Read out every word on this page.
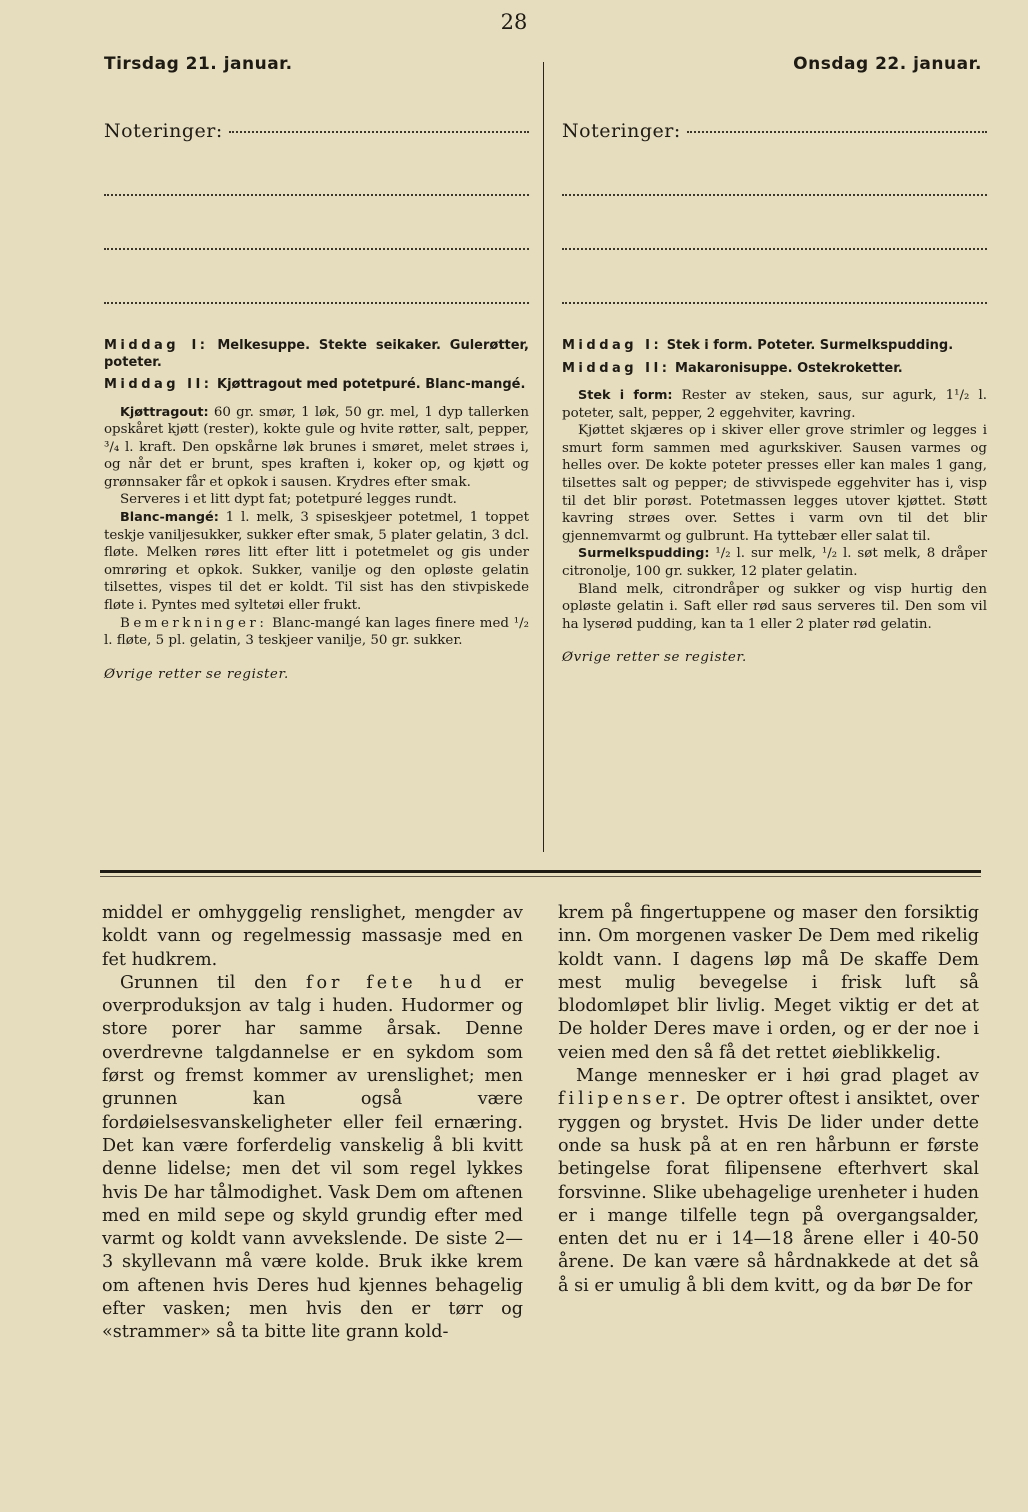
28
Tirsdag 21. januar.	Onsdag 22. januar.
Noteringer:	Noteringer:

Middag I: Melkesuppe. Stekte seikaker. Gulerøtter, poteter.

Middag II: Kjøttragout med potetpuré. Blanc-mangé.

Kjøttragout: 60 gr. smør, 1 løk, 50 gr. mel, 1 dyp tallerken opskåret kjøtt (rester), kokte gule og hvite røtter, salt, pepper, ³/₄ l. kraft. Den opskårne løk brunes i smøret, melet strøes i, og når det er brunt, spes kraften i, koker op, og kjøtt og grønnsaker får et opkok i sausen. Krydres efter smak.

Serveres i et litt dypt fat; potetpuré legges rundt.

Blanc-mangé: 1 l. melk, 3 spiseskjeer potetmel, 1 toppet teskje vaniljesukker, sukker efter smak, 5 plater gelatin, 3 dcl. fløte. Melken røres litt efter litt i potetmelet og gis under omrøring et opkok. Sukker, vanilje og den opløste gelatin tilsettes, vispes til det er koldt. Til sist has den stivpiskede fløte i. Pyntes med syltetøi eller frukt.

Bemerkninger: Blanc-mangé kan lages finere med ¹/₂ l. fløte, 5 pl. gelatin, 3 teskjeer vanilje, 50 gr. sukker.

Øvrige retter se register.

Middag I: Stek i form. Poteter. Surmelkspudding.

Middag II: Makaronisuppe. Ostekroketter.

Stek i form: Rester av steken, saus, sur agurk, 1¹/₂ l. poteter, salt, pepper, 2 eggehviter, kavring.

Kjøttet skjæres op i skiver eller grove strimler og legges i smurt form sammen med agurkskiver. Sausen varmes og helles over. De kokte poteter presses eller kan males 1 gang, tilsettes salt og pepper; de stivvispede eggehviter has i, visp til det blir porøst. Potetmassen legges utover kjøttet. Støtt kavring strøes over. Settes i varm ovn til det blir gjennemvarmt og gulbrunt. Ha tyttebær eller salat til.

Surmelkspudding: ¹/₂ l. sur melk, ¹/₂ l. søt melk, 8 dråper citronolje, 100 gr. sukker, 12 plater gelatin.

Bland melk, citrondråper og sukker og visp hurtig den opløste gelatin i. Saft eller rød saus serveres til. Den som vil ha lyserød pudding, kan ta 1 eller 2 plater rød gelatin.

Øvrige retter se register.

middel er omhyggelig renslighet, mengder av koldt vann og regelmessig massasje med en fet hudkrem.

Grunnen til den for fete hud er overproduksjon av talg i huden. Hudormer og store porer har samme årsak. Denne overdrevne talgdannelse er en sykdom som først og fremst kommer av urenslighet; men grunnen kan også være fordøielsesvanskeligheter eller feil ernæring. Det kan være forferdelig vanskelig å bli kvitt denne lidelse; men det vil som regel lykkes hvis De har tålmodighet. Vask Dem om aftenen med en mild sepe og skyld grundig efter med varmt og koldt vann avvekslende. De siste 2—3 skyllevann må være kolde. Bruk ikke krem om aftenen hvis Deres hud kjennes behagelig efter vasken; men hvis den er tørr og «strammer» så ta bitte lite grann kold-

krem på fingertuppene og maser den forsiktig inn. Om morgenen vasker De Dem med rikelig koldt vann. I dagens løp må De skaffe Dem mest mulig bevegelse i frisk luft så blodomløpet blir livlig. Meget viktig er det at De holder Deres mave i orden, og er der noe i veien med den så få det rettet øieblikkelig.

Mange mennesker er i høi grad plaget av filipenser. De optrer oftest i ansiktet, over ryggen og brystet. Hvis De lider under dette onde sa husk på at en ren hårbunn er første betingelse forat filipensene efterhvert skal forsvinne. Slike ubehagelige urenheter i huden er i mange tilfelle tegn på overgangsalder, enten det nu er i 14—18 årene eller i 40-50 årene. De kan være så hårdnakkede at det så å si er umulig å bli dem kvitt, og da bør De for
